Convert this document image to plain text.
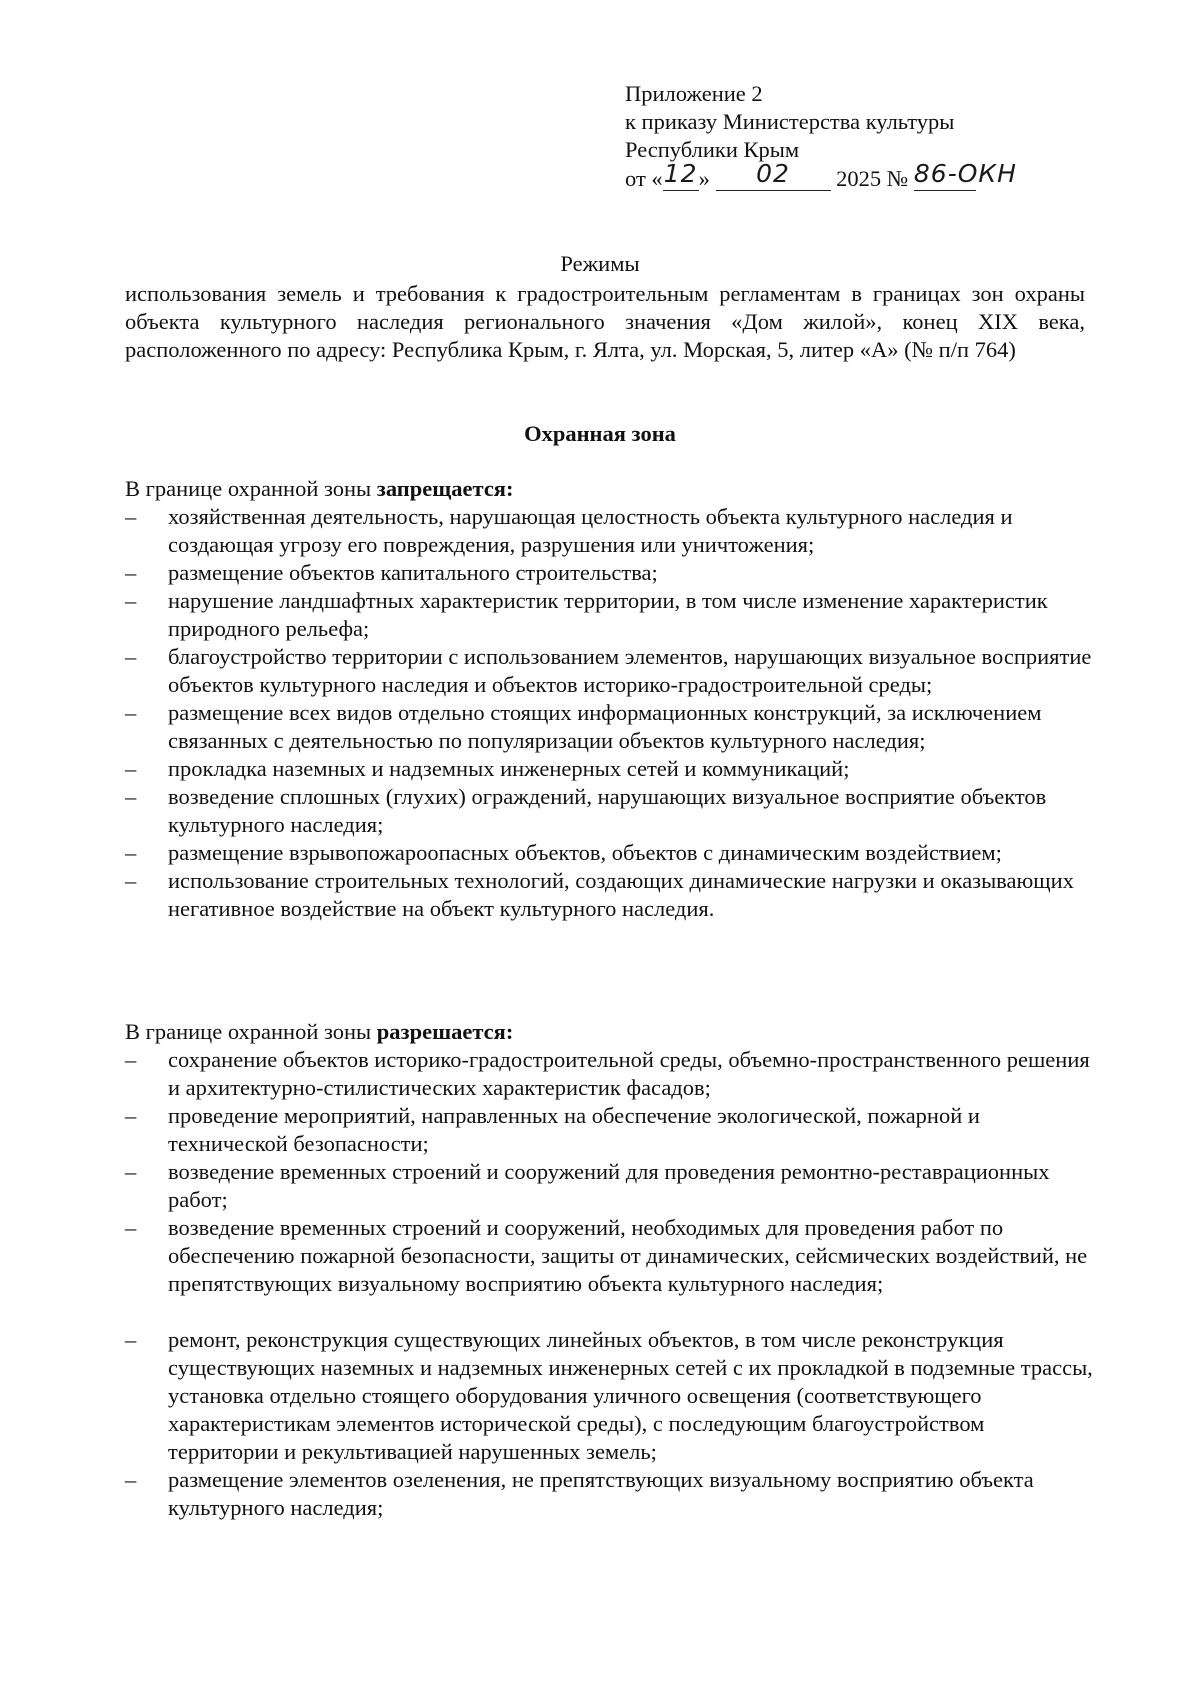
Приложение 2
к приказу Министерства культуры
Республики Крым
от «12» 02 2025 № 86-ОКН
Режимы
использования земель и требования к градостроительным регламентам в границах зон охраны объекта культурного наследия регионального значения «Дом жилой», конец XIX века, расположенного по адресу: Республика Крым, г. Ялта, ул. Морская, 5, литер «А» (№ п/п 764)
Охранная зона
В границе охранной зоны запрещается:
– хозяйственная деятельность, нарушающая целостность объекта культурного наследия и создающая угрозу его повреждения, разрушения или уничтожения;
– размещение объектов капитального строительства;
– нарушение ландшафтных характеристик территории, в том числе изменение характеристик природного рельефа;
– благоустройство территории с использованием элементов, нарушающих визуальное восприятие объектов культурного наследия и объектов историко-градостроительной среды;
– размещение всех видов отдельно стоящих информационных конструкций, за исключением связанных с деятельностью по популяризации объектов культурного наследия;
– прокладка наземных и надземных инженерных сетей и коммуникаций;
– возведение сплошных (глухих) ограждений, нарушающих визуальное восприятие объектов культурного наследия;
– размещение взрывопожароопасных объектов, объектов с динамическим воздействием;
– использование строительных технологий, создающих динамические нагрузки и оказывающих негативное воздействие на объект культурного наследия.
В границе охранной зоны разрешается:
– сохранение объектов историко-градостроительной среды, объемно-пространственного решения и архитектурно-стилистических характеристик фасадов;
– проведение мероприятий, направленных на обеспечение экологической, пожарной и технической безопасности;
– возведение временных строений и сооружений для проведения ремонтно-реставрационных работ;
– возведение временных строений и сооружений, необходимых для проведения работ по обеспечению пожарной безопасности, защиты от динамических, сейсмических воздействий, не препятствующих визуальному восприятию объекта культурного наследия;
– ремонт, реконструкция существующих линейных объектов, в том числе реконструкция существующих наземных и надземных инженерных сетей с их прокладкой в подземные трассы, установка отдельно стоящего оборудования уличного освещения (соответствующего характеристикам элементов исторической среды), с последующим благоустройством территории и рекультивацией нарушенных земель;
– размещение элементов озеленения, не препятствующих визуальному восприятию объекта культурного наследия;
